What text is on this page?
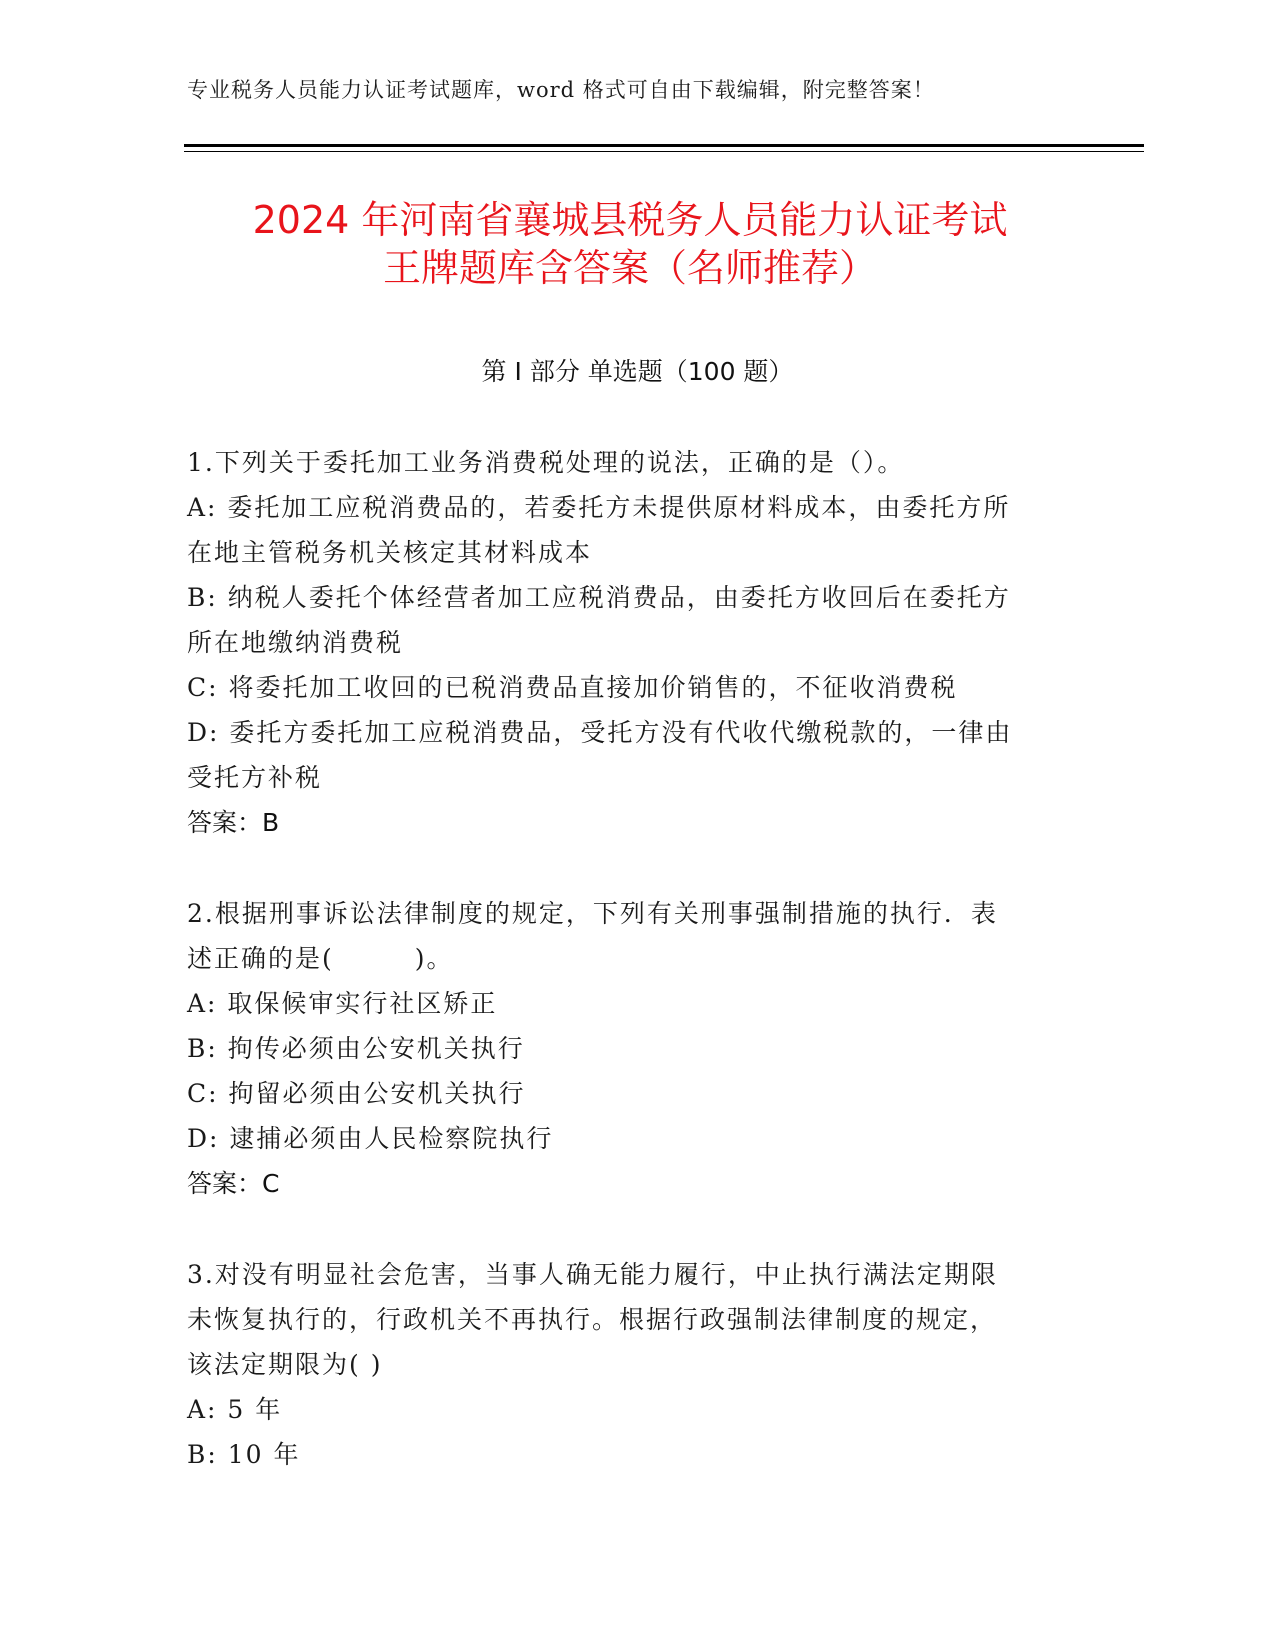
专业税务人员能力认证考试题库，word 格式可自由下载编辑，附完整答案！
2024 年河南省襄城县税务人员能力认证考试
王牌题库含答案（名师推荐）
第 I 部分 单选题（100 题）
1.下列关于委托加工业务消费税处理的说法，正确的是（）。
A: 委托加工应税消费品的，若委托方未提供原材料成本，由委托方所
在地主管税务机关核定其材料成本
B: 纳税人委托个体经营者加工应税消费品，由委托方收回后在委托方
所在地缴纳消费税
C: 将委托加工收回的已税消费品直接加价销售的，不征收消费税
D: 委托方委托加工应税消费品，受托方没有代收代缴税款的，一律由
受托方补税
答案：B
2.根据刑事诉讼法律制度的规定，下列有关刑事强制措施的执行．表
述正确的是(　　　)。
A: 取保候审实行社区矫正
B: 拘传必须由公安机关执行
C: 拘留必须由公安机关执行
D: 逮捕必须由人民检察院执行
答案：C
3.对没有明显社会危害，当事人确无能力履行，中止执行满法定期限
未恢复执行的，行政机关不再执行。根据行政强制法律制度的规定，
该法定期限为( )
A: 5 年
B: 10 年
